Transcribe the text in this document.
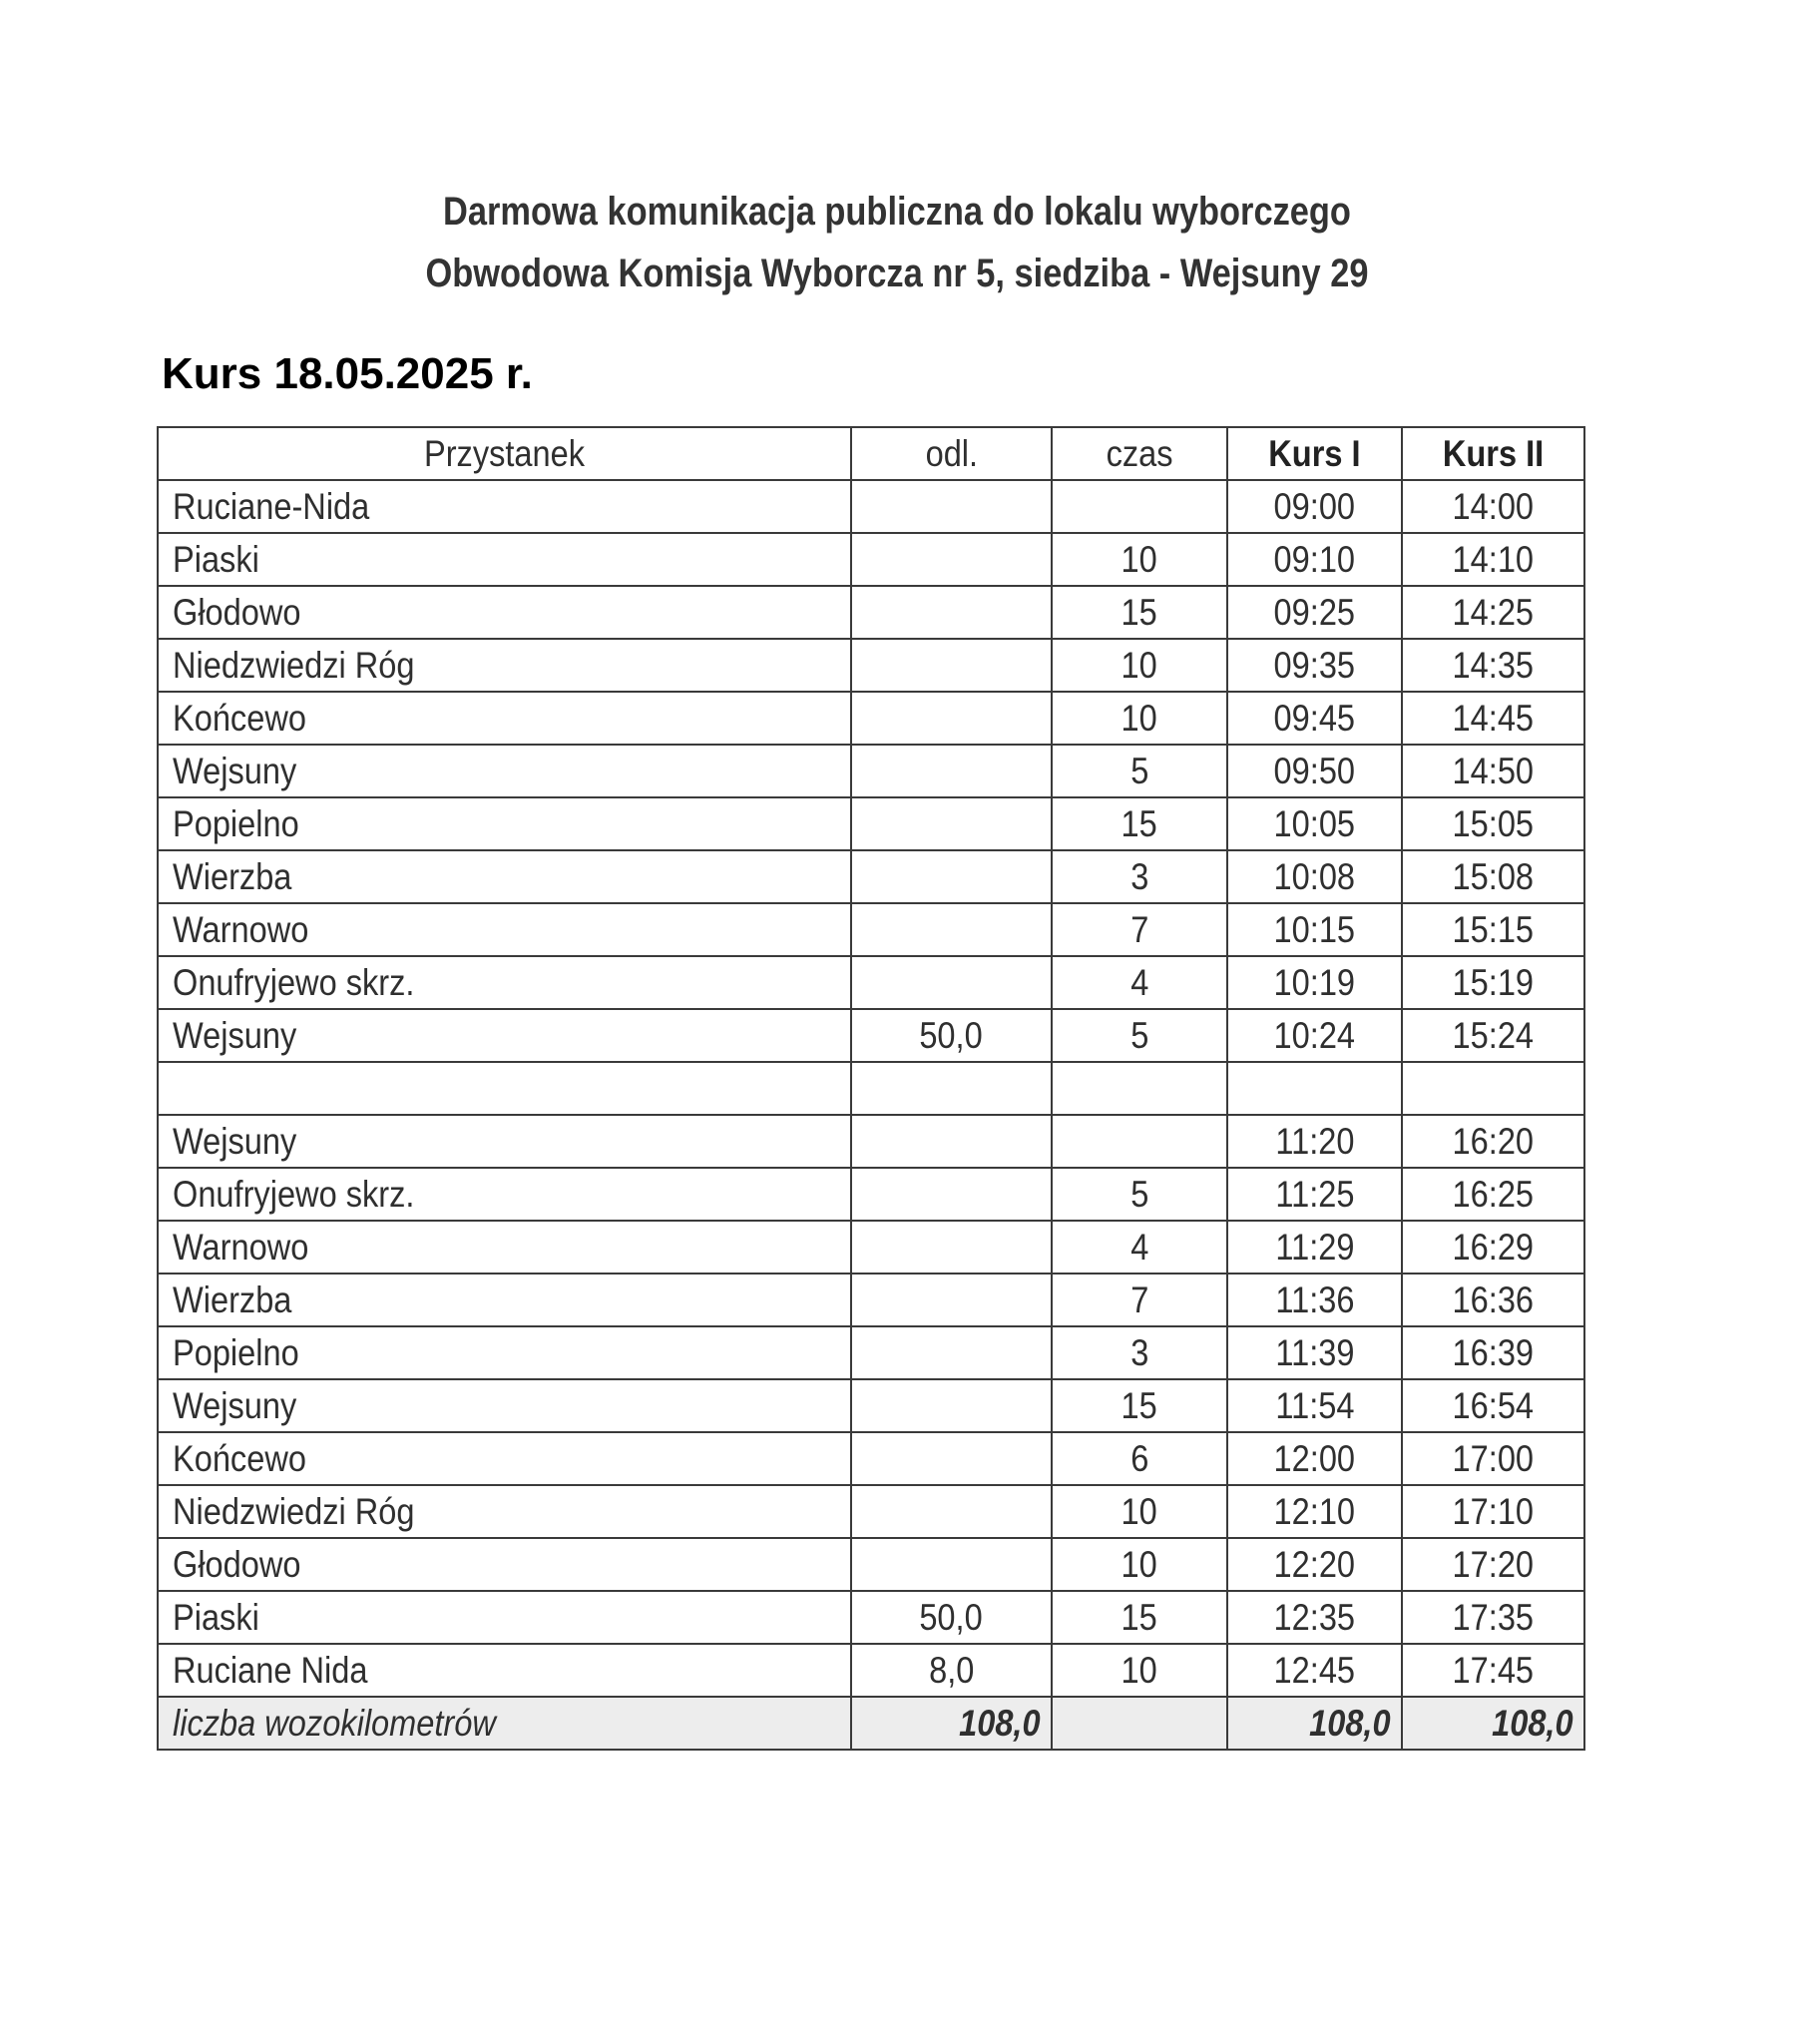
Darmowa komunikacja publiczna do lokalu wyborczego
Obwodowa Komisja Wyborcza nr 5, siedziba - Wejsuny 29
Kurs 18.05.2025 r.
Przystanek	odl.	czas	Kurs I	Kurs II
Ruciane-Nida			09:00	14:00
Piaski		10	09:10	14:10
Głodowo		15	09:25	14:25
Niedzwiedzi Róg		10	09:35	14:35
Końcewo		10	09:45	14:45
Wejsuny		5	09:50	14:50
Popielno		15	10:05	15:05
Wierzba		3	10:08	15:08
Warnowo		7	10:15	15:15
Onufryjewo skrz.		4	10:19	15:19
Wejsuny	50,0	5	10:24	15:24

Wejsuny			11:20	16:20
Onufryjewo skrz.		5	11:25	16:25
Warnowo		4	11:29	16:29
Wierzba		7	11:36	16:36
Popielno		3	11:39	16:39
Wejsuny		15	11:54	16:54
Końcewo		6	12:00	17:00
Niedzwiedzi Róg		10	12:10	17:10
Głodowo		10	12:20	17:20
Piaski	50,0	15	12:35	17:35
Ruciane Nida	8,0	10	12:45	17:45
liczba wozokilometrów	108,0		108,0	108,0
